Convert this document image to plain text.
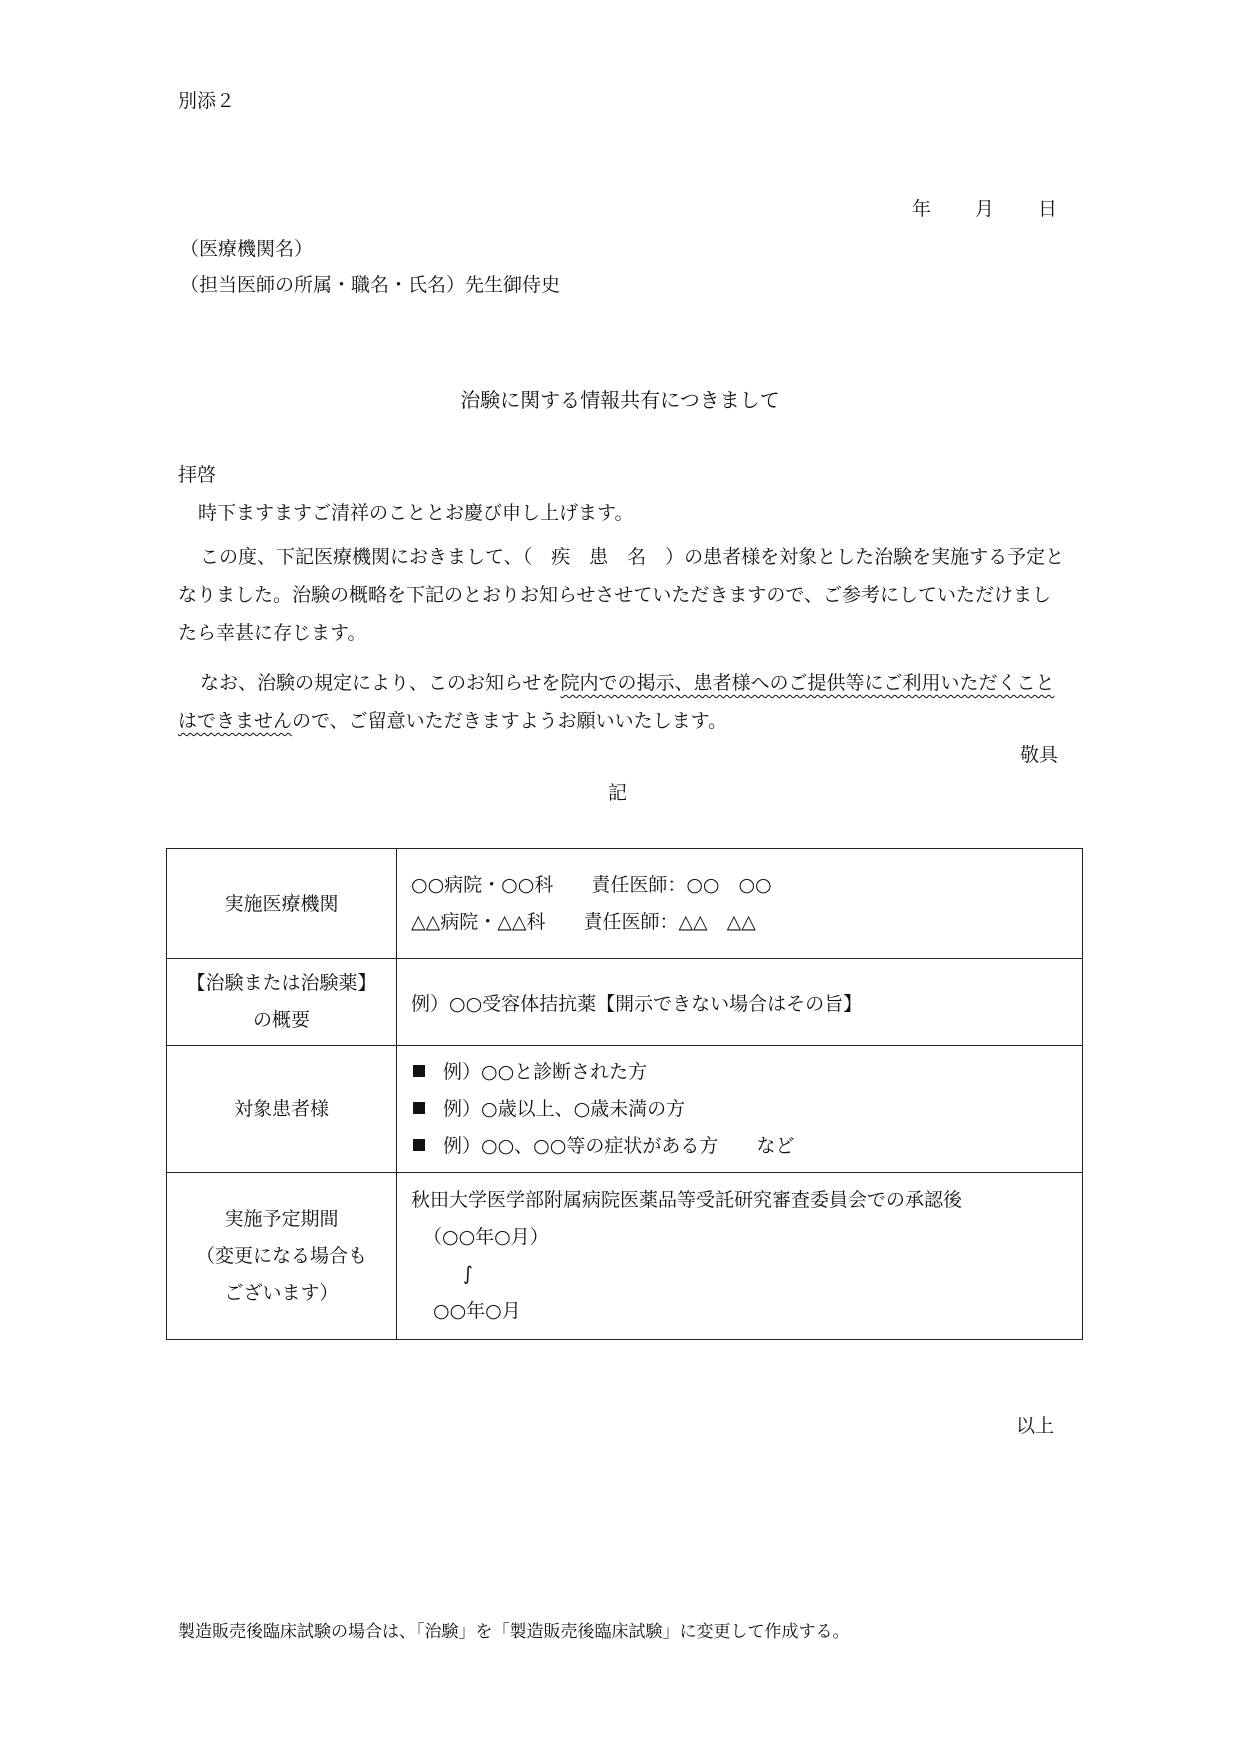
別添２
年 月 日
（医療機関名）
（担当医師の所属・職名・氏名）先生御侍史
治験に関する情報共有につきまして
拝啓
時下ますますご清祥のこととお慶び申し上げます。

この度、下記医療機関におきまして、（　疾　患　名　）の患者様を対象とした治験を実施する予定となりました。治験の概略を下記のとおりお知らせさせていただきますので、ご参考にしていただけましたら幸甚に存じます。

なお、治験の規定により、このお知らせを院内での掲示、患者様へのご提供等にご利用いただくことはできませんので、ご留意いただきますようお願いいたします。

敬具
記
実施医療機関	○○病院・○○科　　責任医師：○○　○○
△△病院・△△科　　責任医師：△△　△△

【治験または治験薬】
の概要	例）○○受容体拮抗薬【開示できない場合はその旨】
対象患者様	例）○○と診断された方
例）○歳以上、○歳未満の方
例）○○、○○等の症状がある方　　など

実施予定期間
（変更になる場合も
ございます）	秋田大学医学部附属病院医薬品等受託研究審査委員会での承認後
（○○年○月）
∫
○○年○月
以上
製造販売後臨床試験の場合は、「治験」を「製造販売後臨床試験」に変更して作成する。
